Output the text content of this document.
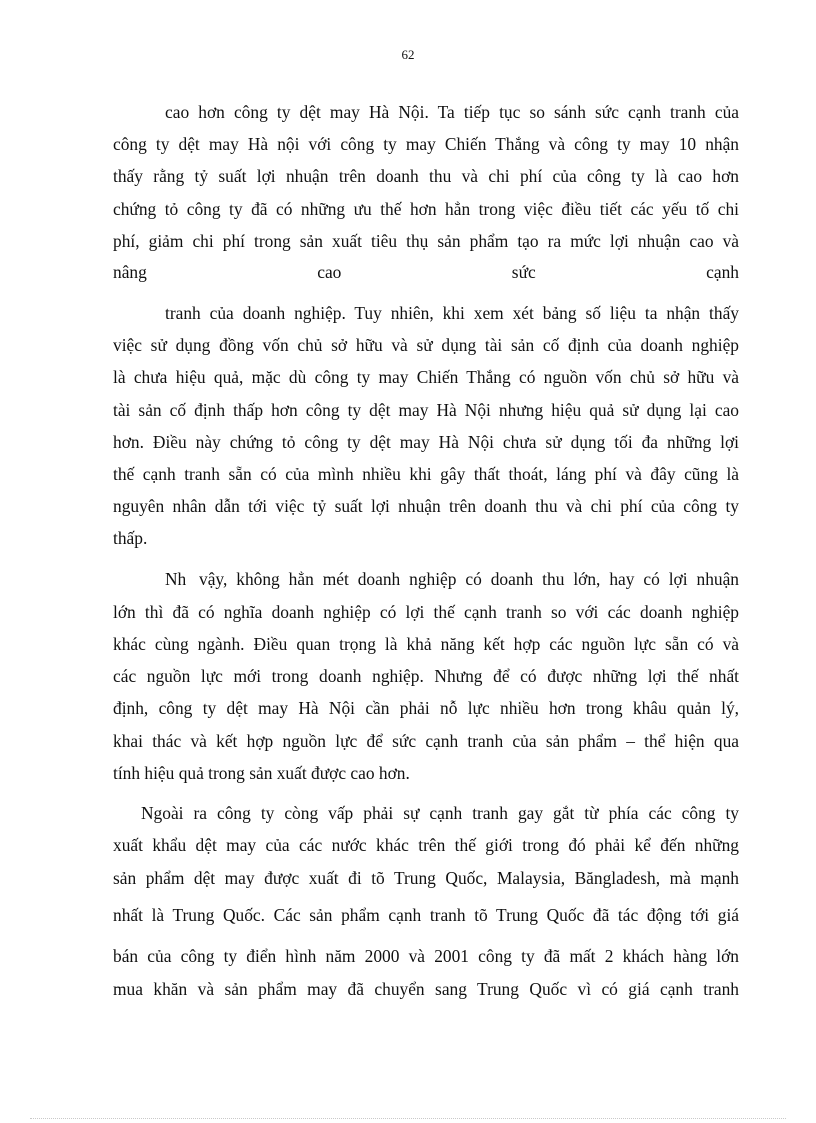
62
cao hơn công ty dệt may Hà Nội. Ta tiếp tục so sánh sức cạnh tranh của
công ty dệt may Hà nội với công ty may Chiến Thắng và công ty may 10 nhận
thấy rằng tỷ suất lợi nhuận trên doanh thu và chi phí của công ty là cao hơn
chứng tỏ công ty đã có những ưu thế hơn hẳn trong việc điều tiết các yếu tố chi
phí, giảm chi phí trong sản xuất tiêu thụ sản phẩm tạo ra mức lợi nhuận cao và
nâng cao sức cạnh
tranh của doanh nghiệp. Tuy nhiên, khi xem xét bảng số liệu ta nhận thấy
việc sử dụng đồng vốn chủ sở hữu và sử dụng tài sản cố định của doanh nghiệp
là chưa hiệu quả, mặc dù công ty may Chiến Thắng có nguồn vốn chủ sở hữu và
tài sản cố định thấp hơn công ty dệt may Hà Nội nhưng hiệu quả sử dụng lại cao
hơn. Điều này chứng tỏ công ty dệt may Hà Nội chưa sử dụng tối đa những lợi
thế cạnh tranh sẵn có của mình nhiều khi gây thất thoát, láng phí và đây cũng là
nguyên nhân dẫn tới việc tỷ suất lợi nhuận trên doanh thu và chi phí của công ty
thấp.
Nh vậy, không hẳn mét doanh nghiệp có doanh thu lớn, hay có lợi nhuận
lớn thì đã có nghĩa doanh nghiệp có lợi thế cạnh tranh so với các doanh nghiệp
khác cùng ngành. Điều quan trọng là khả năng kết hợp các nguồn lực sẵn có và
các nguồn lực mới trong doanh nghiệp. Nhưng để có được những lợi thế nhất
định, công ty dệt may Hà Nội cần phải nỗ lực nhiều hơn trong khâu quản lý,
khai thác và kết hợp nguồn lực để sức cạnh tranh của sản phẩm – thể hiện qua
tính hiệu quả trong sản xuất được cao hơn.
Ngoài ra công ty còng vấp phải sự cạnh tranh gay gắt từ phía các công ty
xuất khẩu dệt may của các nước khác trên thế giới trong đó phải kể đến những
sản phẩm dệt may được xuất đi tõ Trung Quốc, Malaysia, Băngladesh, mà mạnh
nhất là Trung Quốc. Các sản phẩm cạnh tranh tõ Trung Quốc đã tác động tới giá
bán của công ty điển hình năm 2000 và 2001 công ty đã mất 2 khách hàng lớn
mua khăn và sản phẩm may đã chuyển sang Trung Quốc vì có giá cạnh tranh
